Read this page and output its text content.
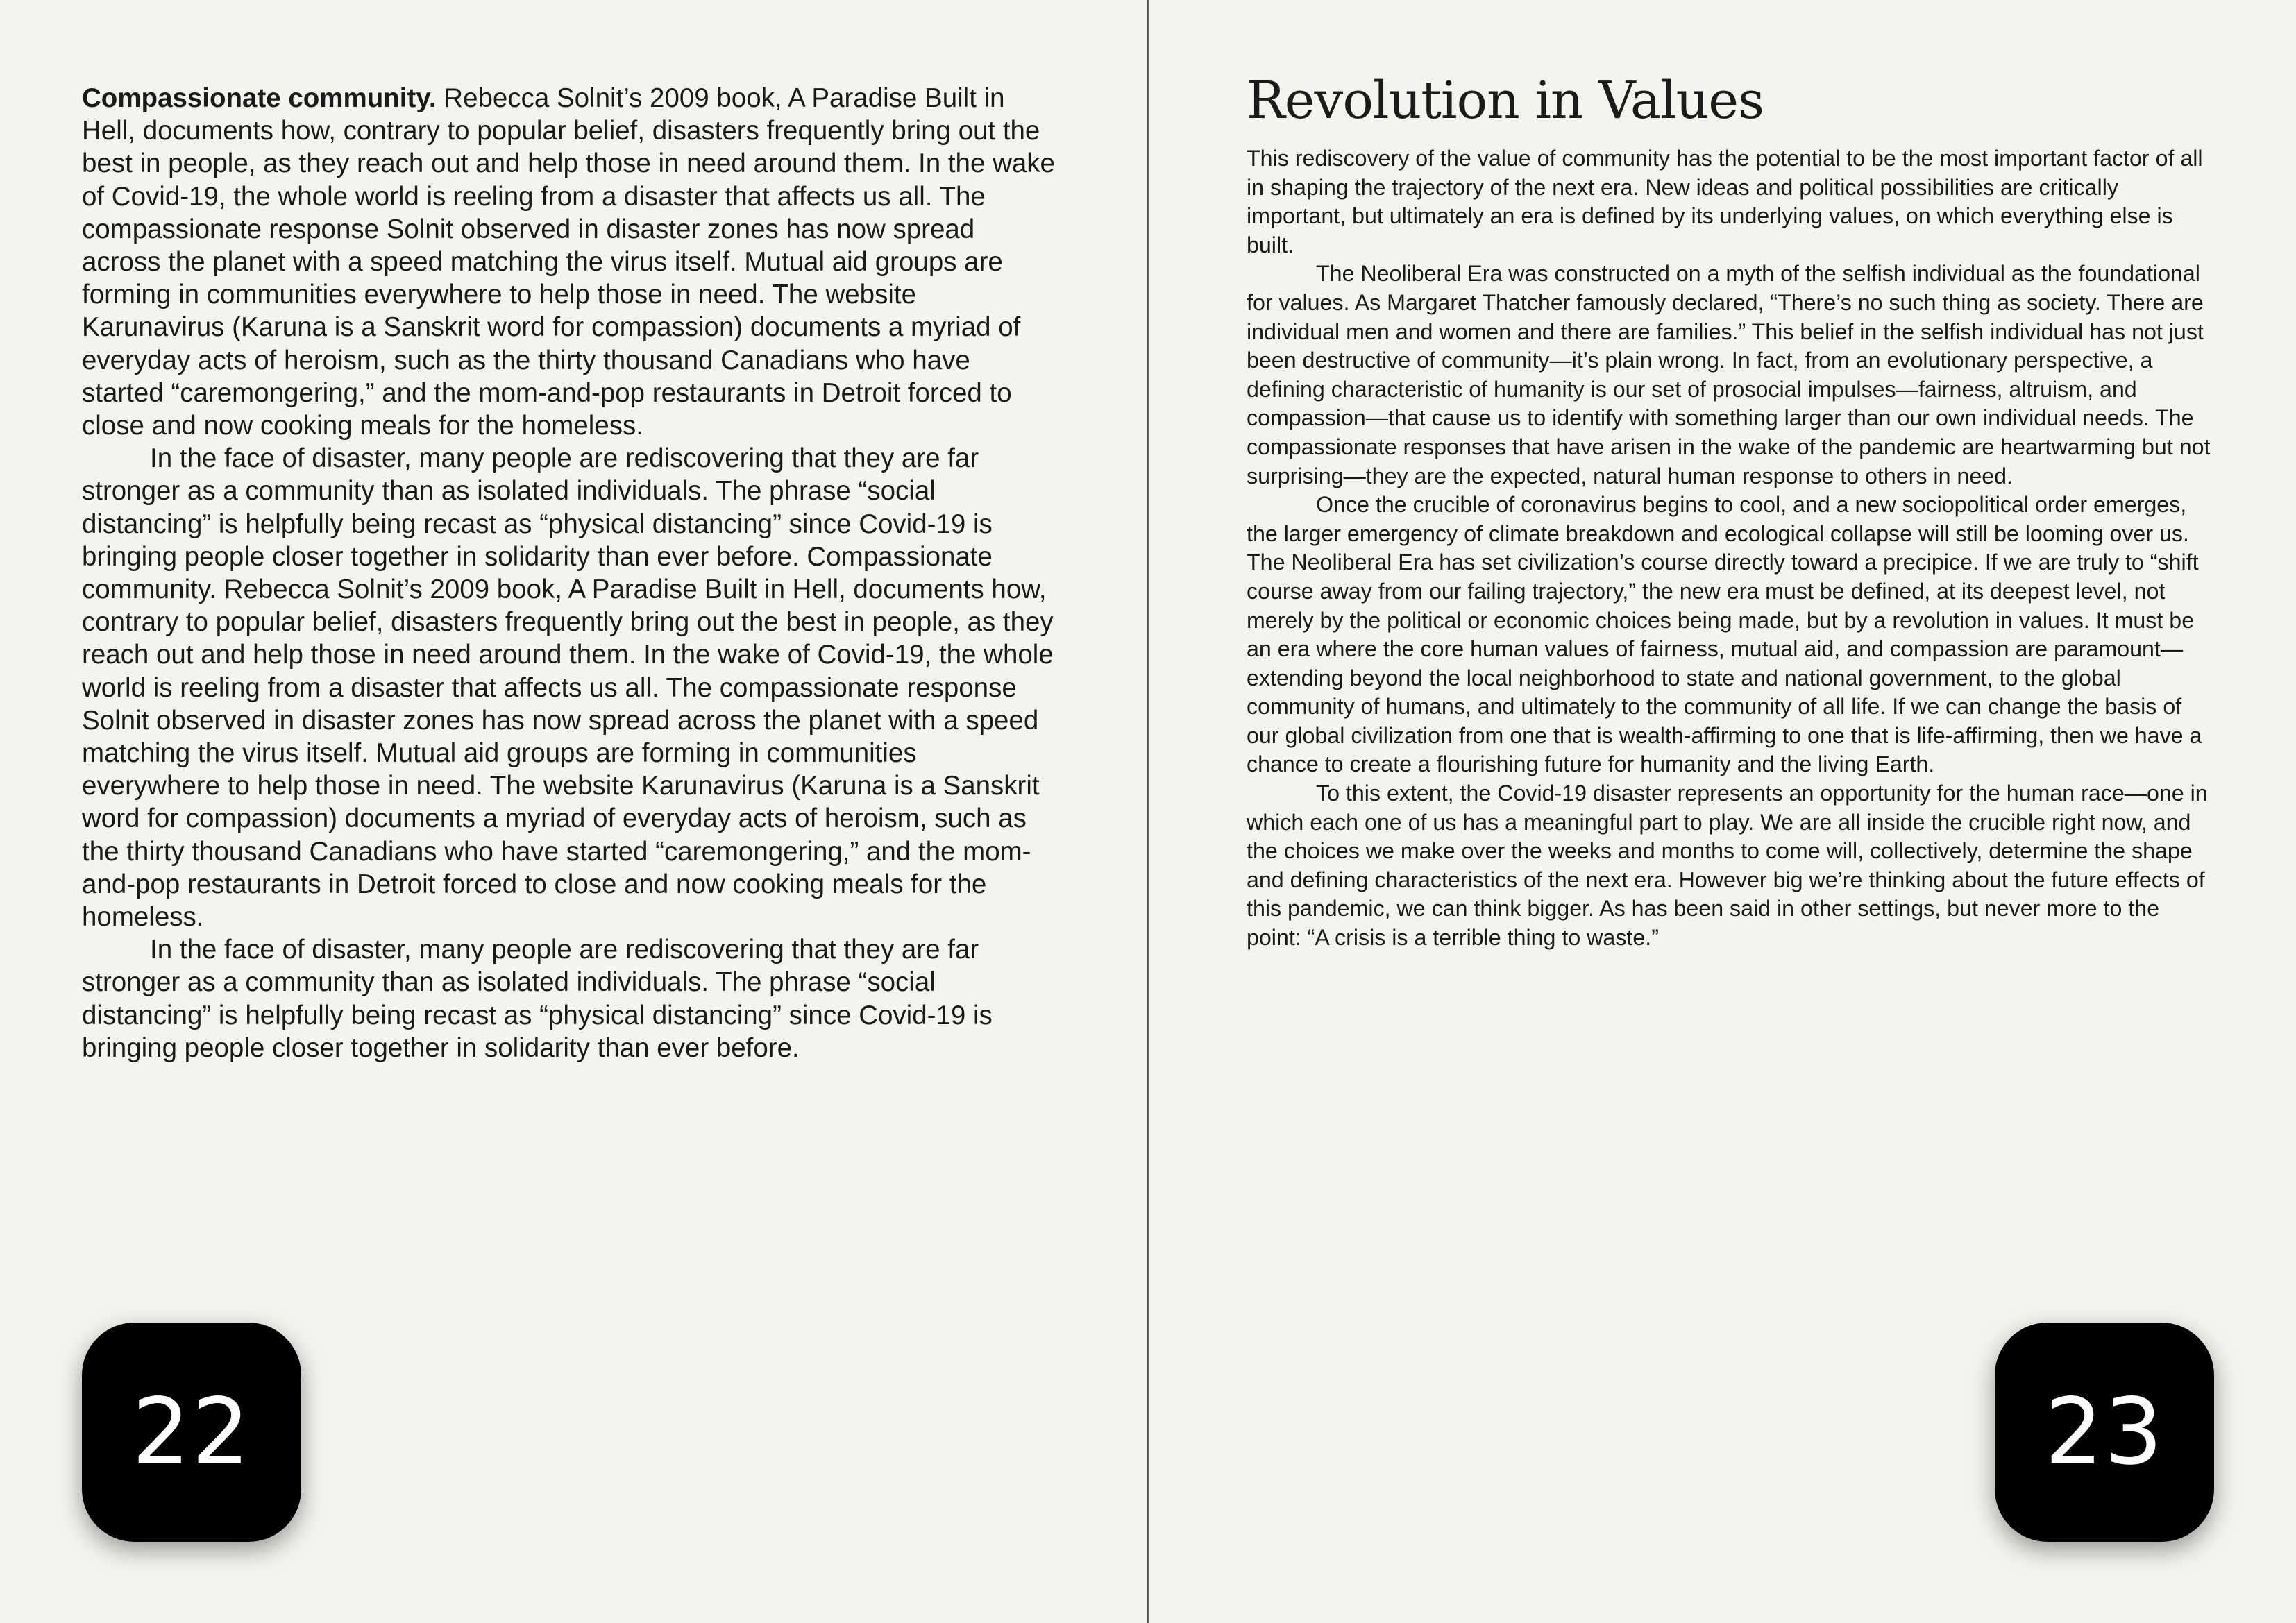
Compassionate community. Rebecca Solnit’s 2009 book, A Paradise Built in Hell, documents how, contrary to popular belief, disasters frequently bring out the best in people, as they reach out and help those in need around them. In the wake of Covid-19, the whole world is reeling from a disaster that affects us all. The compassionate response Solnit observed in disaster zones has now spread across the planet with a speed matching the virus itself. Mutual aid groups are forming in communities everywhere to help those in need. The website Karunavirus (Karuna is a Sanskrit word for compassion) documents a myriad of everyday acts of heroism, such as the thirty thousand Canadians who have started “caremongering,” and the mom-and-pop restaurants in Detroit forced to close and now cooking meals for the homeless.

In the face of disaster, many people are rediscovering that they are far stronger as a community than as isolated individuals. The phrase “social distancing” is helpfully being recast as “physical distancing” since Covid-19 is bringing people closer together in solidarity than ever before. Compassionate community. Rebecca Solnit’s 2009 book, A Paradise Built in Hell, documents how, contrary to popular belief, disasters frequently bring out the best in people, as they reach out and help those in need around them. In the wake of Covid-19, the whole world is reeling from a disaster that affects us all. The compassionate response Solnit observed in disaster zones has now spread across the planet with a speed matching the virus itself. Mutual aid groups are forming in communities everywhere to help those in need. The website Karunavirus (Karuna is a Sanskrit word for compassion) documents a myriad of everyday acts of heroism, such as the thirty thousand Canadians who have started “caremongering,” and the mom-and-pop restaurants in Detroit forced to close and now cooking meals for the homeless.

In the face of disaster, many people are rediscovering that they are far stronger as a community than as isolated individuals. The phrase “social distancing” is helpfully being recast as “physical distancing” since Covid-19 is bringing people closer together in solidarity than ever before.

22
Revolution in Values

This rediscovery of the value of community has the potential to be the most important factor of all in shaping the trajectory of the next era. New ideas and political possibilities are critically important, but ultimately an era is defined by its underlying values, on which everything else is built.

The Neoliberal Era was constructed on a myth of the selfish individual as the foundational for values. As Margaret Thatcher famously declared, “There’s no such thing as society. There are individual men and women and there are families.” This belief in the selfish individual has not just been destructive of community—it’s plain wrong. In fact, from an evolutionary perspective, a defining characteristic of humanity is our set of prosocial impulses—fairness, altruism, and compassion—that cause us to identify with something larger than our own individual needs. The compassionate responses that have arisen in the wake of the pandemic are heartwarming but not surprising—they are the expected, natural human response to others in need.

Once the crucible of coronavirus begins to cool, and a new sociopolitical order emerges, the larger emergency of climate breakdown and ecological collapse will still be looming over us. The Neoliberal Era has set civilization’s course directly toward a precipice. If we are truly to “shift course away from our failing trajectory,” the new era must be defined, at its deepest level, not merely by the political or economic choices being made, but by a revolution in values. It must be an era where the core human values of fairness, mutual aid, and compassion are paramount—extending beyond the local neighborhood to state and national government, to the global community of humans, and ultimately to the community of all life. If we can change the basis of our global civilization from one that is wealth-affirming to one that is life-affirming, then we have a chance to create a flourishing future for humanity and the living Earth.

To this extent, the Covid-19 disaster represents an opportunity for the human race—one in which each one of us has a meaningful part to play. We are all inside the crucible right now, and the choices we make over the weeks and months to come will, collectively, determine the shape and defining characteristics of the next era. However big we’re thinking about the future effects of this pandemic, we can think bigger. As has been said in other settings, but never more to the point: “A crisis is a terrible thing to waste.”

23
